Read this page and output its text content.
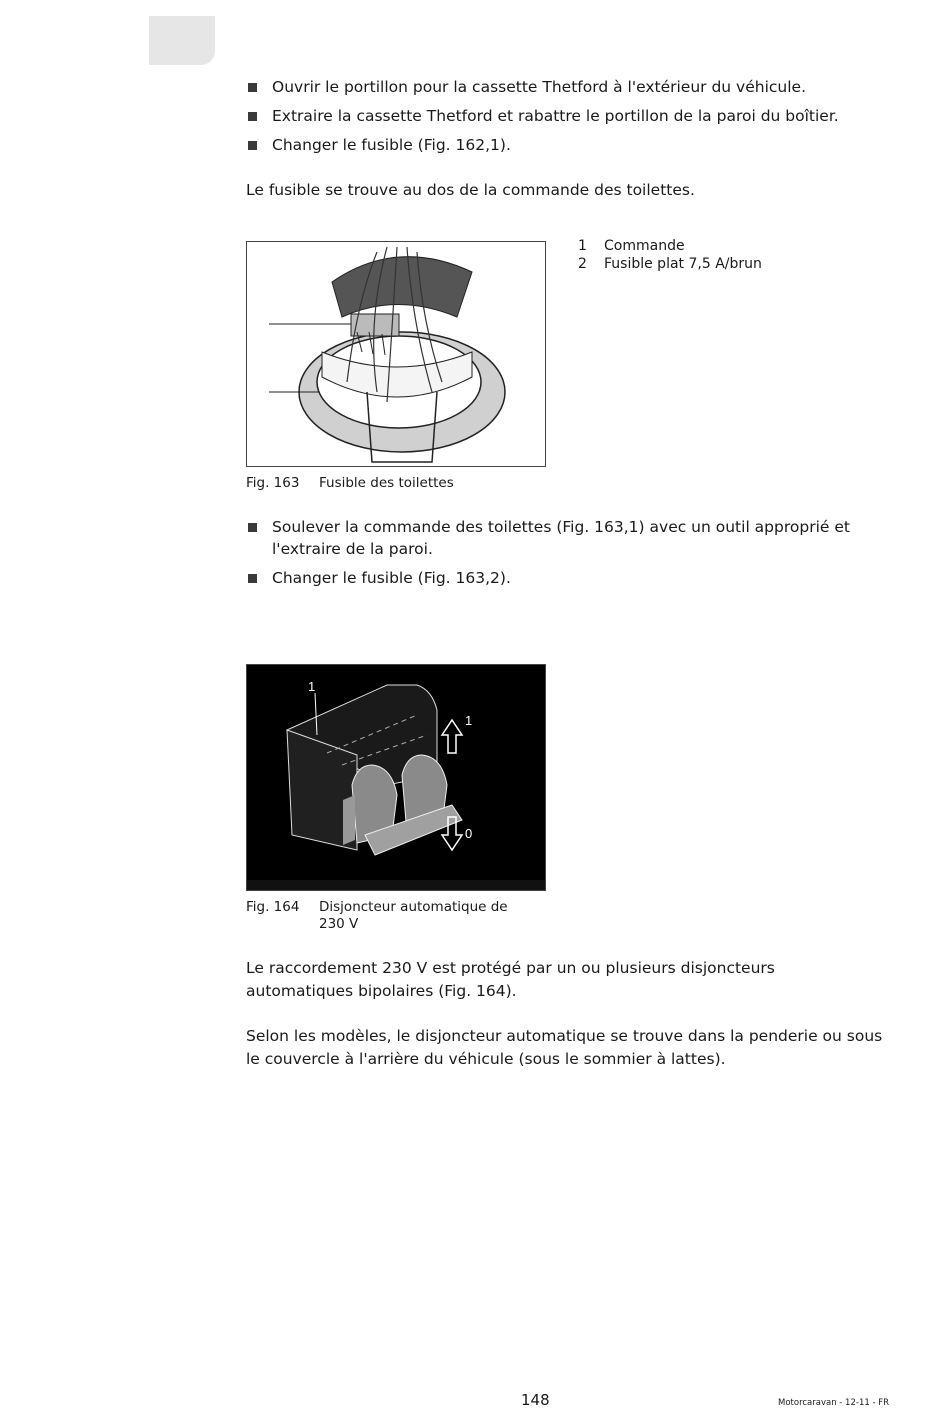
Ouvrir le portillon pour la cassette Thetford à l'extérieur du véhicule.
Extraire la cassette Thetford et rabattre le portillon de la paroi du boîtier.
Changer le fusible (Fig. 162,1).

Le fusible se trouve au dos de la commande des toilettes.

1	Commande
2	Fusible plat 7,5 A/brun
Fig. 163	Fusible des toilettes
Soulever la commande des toilettes (Fig. 163,1) avec un outil approprié et l'extraire de la paroi.
Changer le fusible (Fig. 163,2).
1
1
0
Fig. 164	Disjoncteur automatique de 230 V

Le raccordement 230 V est protégé par un ou plusieurs disjoncteurs automatiques bipolaires (Fig. 164).

Selon les modèles, le disjoncteur automatique se trouve dans la penderie ou sous le couvercle à l'arrière du véhicule (sous le sommier à lattes).

148	Motorcaravan - 12-11 - FR
